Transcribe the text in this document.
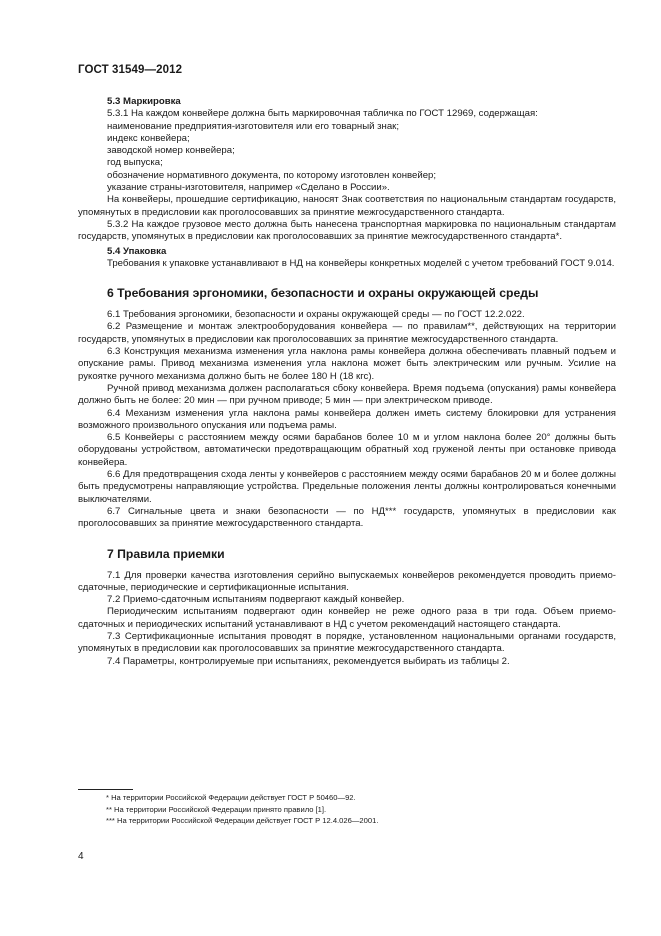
ГОСТ 31549—2012

5.3 Маркировка

5.3.1 На каждом конвейере должна быть маркировочная табличка по ГОСТ 12969, содержащая:

наименование предприятия-изготовителя или его товарный знак;

индекс конвейера;

заводской номер конвейера;

год выпуска;

обозначение нормативного документа, по которому изготовлен конвейер;

указание страны-изготовителя, например «Сделано в России».

На конвейеры, прошедшие сертификацию, наносят Знак соответствия по национальным стандартам государств, упомянутых в предисловии как проголосовавших за принятие межгосударственного стандарта.

5.3.2 На каждое грузовое место должна быть нанесена транспортная маркировка по национальным стандартам государств, упомянутых в предисловии как проголосовавших за принятие межгосударственного стандарта*.

5.4 Упаковка

Требования к упаковке устанавливают в НД на конвейеры конкретных моделей с учетом требований ГОСТ 9.014.

6 Требования эргономики, безопасности и охраны окружающей среды

6.1 Требования эргономики, безопасности и охраны окружающей среды — по ГОСТ 12.2.022.

6.2 Размещение и монтаж электрооборудования конвейера — по правилам**, действующих на территории государств, упомянутых в предисловии как проголосовавших за принятие межгосударственного стандарта.

6.3 Конструкция механизма изменения угла наклона рамы конвейера должна обеспечивать плавный подъем и опускание рамы. Привод механизма изменения угла наклона может быть электрическим или ручным. Усилие на рукоятке ручного механизма должно быть не более 180 Н (18 кгс).

Ручной привод механизма должен располагаться сбоку конвейера. Время подъема (опускания) рамы конвейера должно быть не более: 20 мин — при ручном приводе; 5 мин — при электрическом приводе.

6.4 Механизм изменения угла наклона рамы конвейера должен иметь систему блокировки для устранения возможного произвольного опускания или подъема рамы.

6.5 Конвейеры с расстоянием между осями барабанов более 10 м и углом наклона более 20° должны быть оборудованы устройством, автоматически предотвращающим обратный ход груженой ленты при остановке привода конвейера.

6.6 Для предотвращения схода ленты у конвейеров с расстоянием между осями барабанов 20 м и более должны быть предусмотрены направляющие устройства. Предельные положения ленты должны контролироваться конечными выключателями.

6.7 Сигнальные цвета и знаки безопасности — по НД*** государств, упомянутых в предисловии как проголосовавших за принятие межгосударственного стандарта.

7 Правила приемки

7.1 Для проверки качества изготовления серийно выпускаемых конвейеров рекомендуется проводить приемо-сдаточные, периодические и сертификационные испытания.

7.2 Приемо-сдаточным испытаниям подвергают каждый конвейер.

Периодическим испытаниям подвергают один конвейер не реже одного раза в три года. Объем приемо-сдаточных и периодических испытаний устанавливают в НД с учетом рекомендаций настоящего стандарта.

7.3 Сертификационные испытания проводят в порядке, установленном национальными органами государств, упомянутых в предисловии как проголосовавших за принятие межгосударственного стандарта.

7.4 Параметры, контролируемые при испытаниях, рекомендуется выбирать из таблицы 2.

* На территории Российской Федерации действует ГОСТ Р 50460—92.

** На территории Российской Федерации принято правило [1].

*** На территории Российской Федерации действует ГОСТ Р 12.4.026—2001.

4
